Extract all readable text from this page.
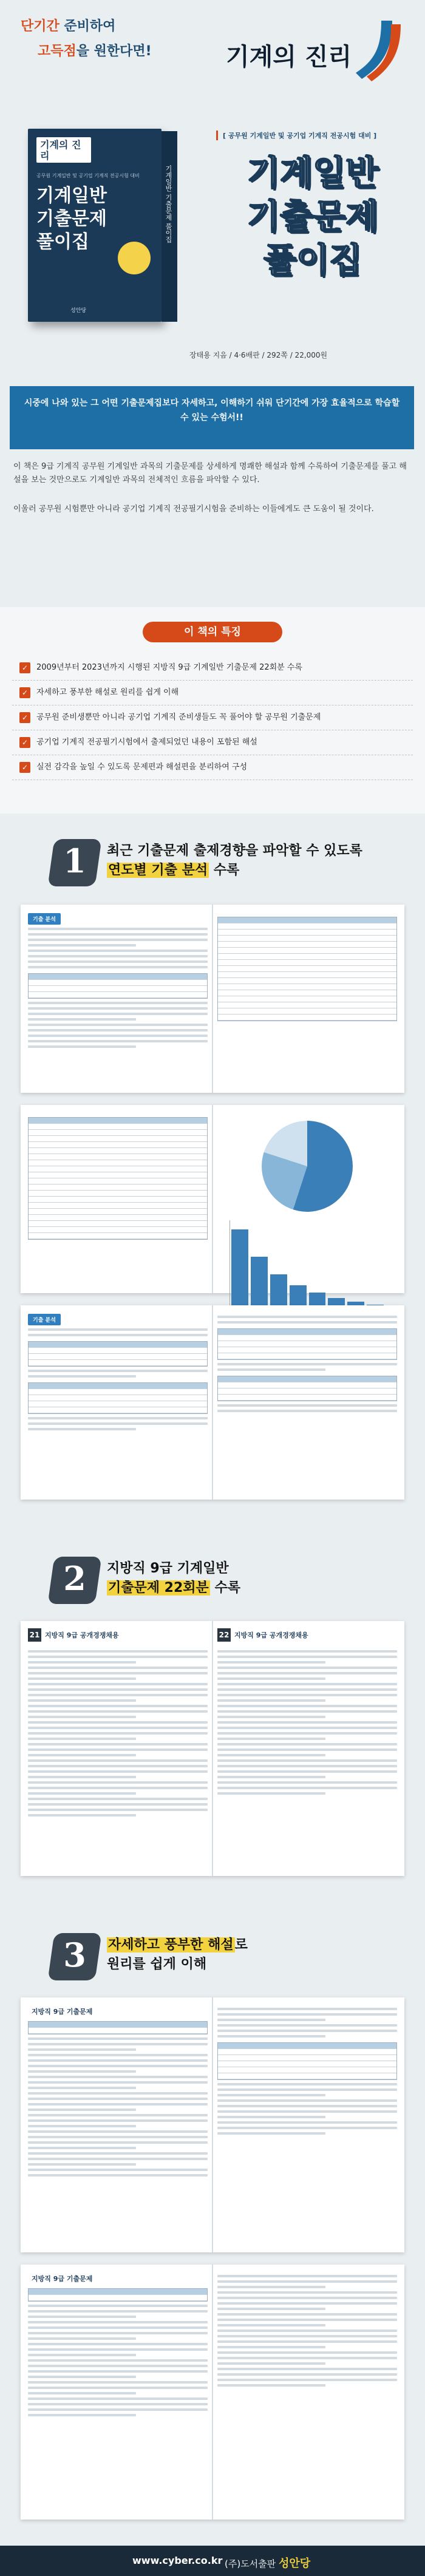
단기간 준비하여
고득점을 원한다면!	기계의 진리
기계의 진리
공무원 기계일반 및 공기업 기계직 전공시험 대비
기계일반 기출문제 풀이집
성안당
기계일반 기출문제 풀이집
[ 공무원 기계일반 및 공기업 기계직 전공시험 대비 ]
기계일반
기출문제
풀이집
장태용 지음 / 4·6배판 / 292쪽 / 22,000원

시중에 나와 있는 그 어떤 기출문제집보다 자세하고, 이해하기 쉬워 단기간에 가장 효율적으로 학습할 수 있는 수험서!!

이 책은 9급 기계직 공무원 기계일반 과목의 기출문제를 상세하게 명쾌한 해설과 함께 수록하여 기출문제를 풀고 해설을 보는 것만으로도 기계일반 과목의 전체적인 흐름을 파악할 수 있다.
이울러 공무원 시험뿐만 아니라 공기업 기계직 전공필기시험을 준비하는 이들에게도 큰 도움이 될 것이다.
이 책의 특징
✓	2009년부터 2023년까지 시행된 지방직 9급 기계일반 기출문제 22회분 수록
✓	자세하고 풍부한 해설로 원리를 쉽게 이해
✓	공무원 준비생뿐만 아니라 공기업 기계직 준비생들도 꼭 풀어야 할 공무원 기출문제
✓	공기업 기계직 전공필기시험에서 출제되었던 내용이 포함된 해설
✓	실전 감각을 높일 수 있도록 문제편과 해설편을 분리하여 구성
1	최근 기출문제 출제경향을 파악할 수 있도록
연도별 기출 분석 수록
기출 분석
기출 분석
2	지방직 9급 기계일반
기출문제 22회분 수록
21 지방직 9급 공개경쟁채용	22 지방직 9급 공개경쟁채용
3	자세하고 풍부한 해설로
원리를 쉽게 이해
지방직 9급 기출문제
지방직 9급 기출문제
www.cyber.co.kr (주)도서출판 성안당
